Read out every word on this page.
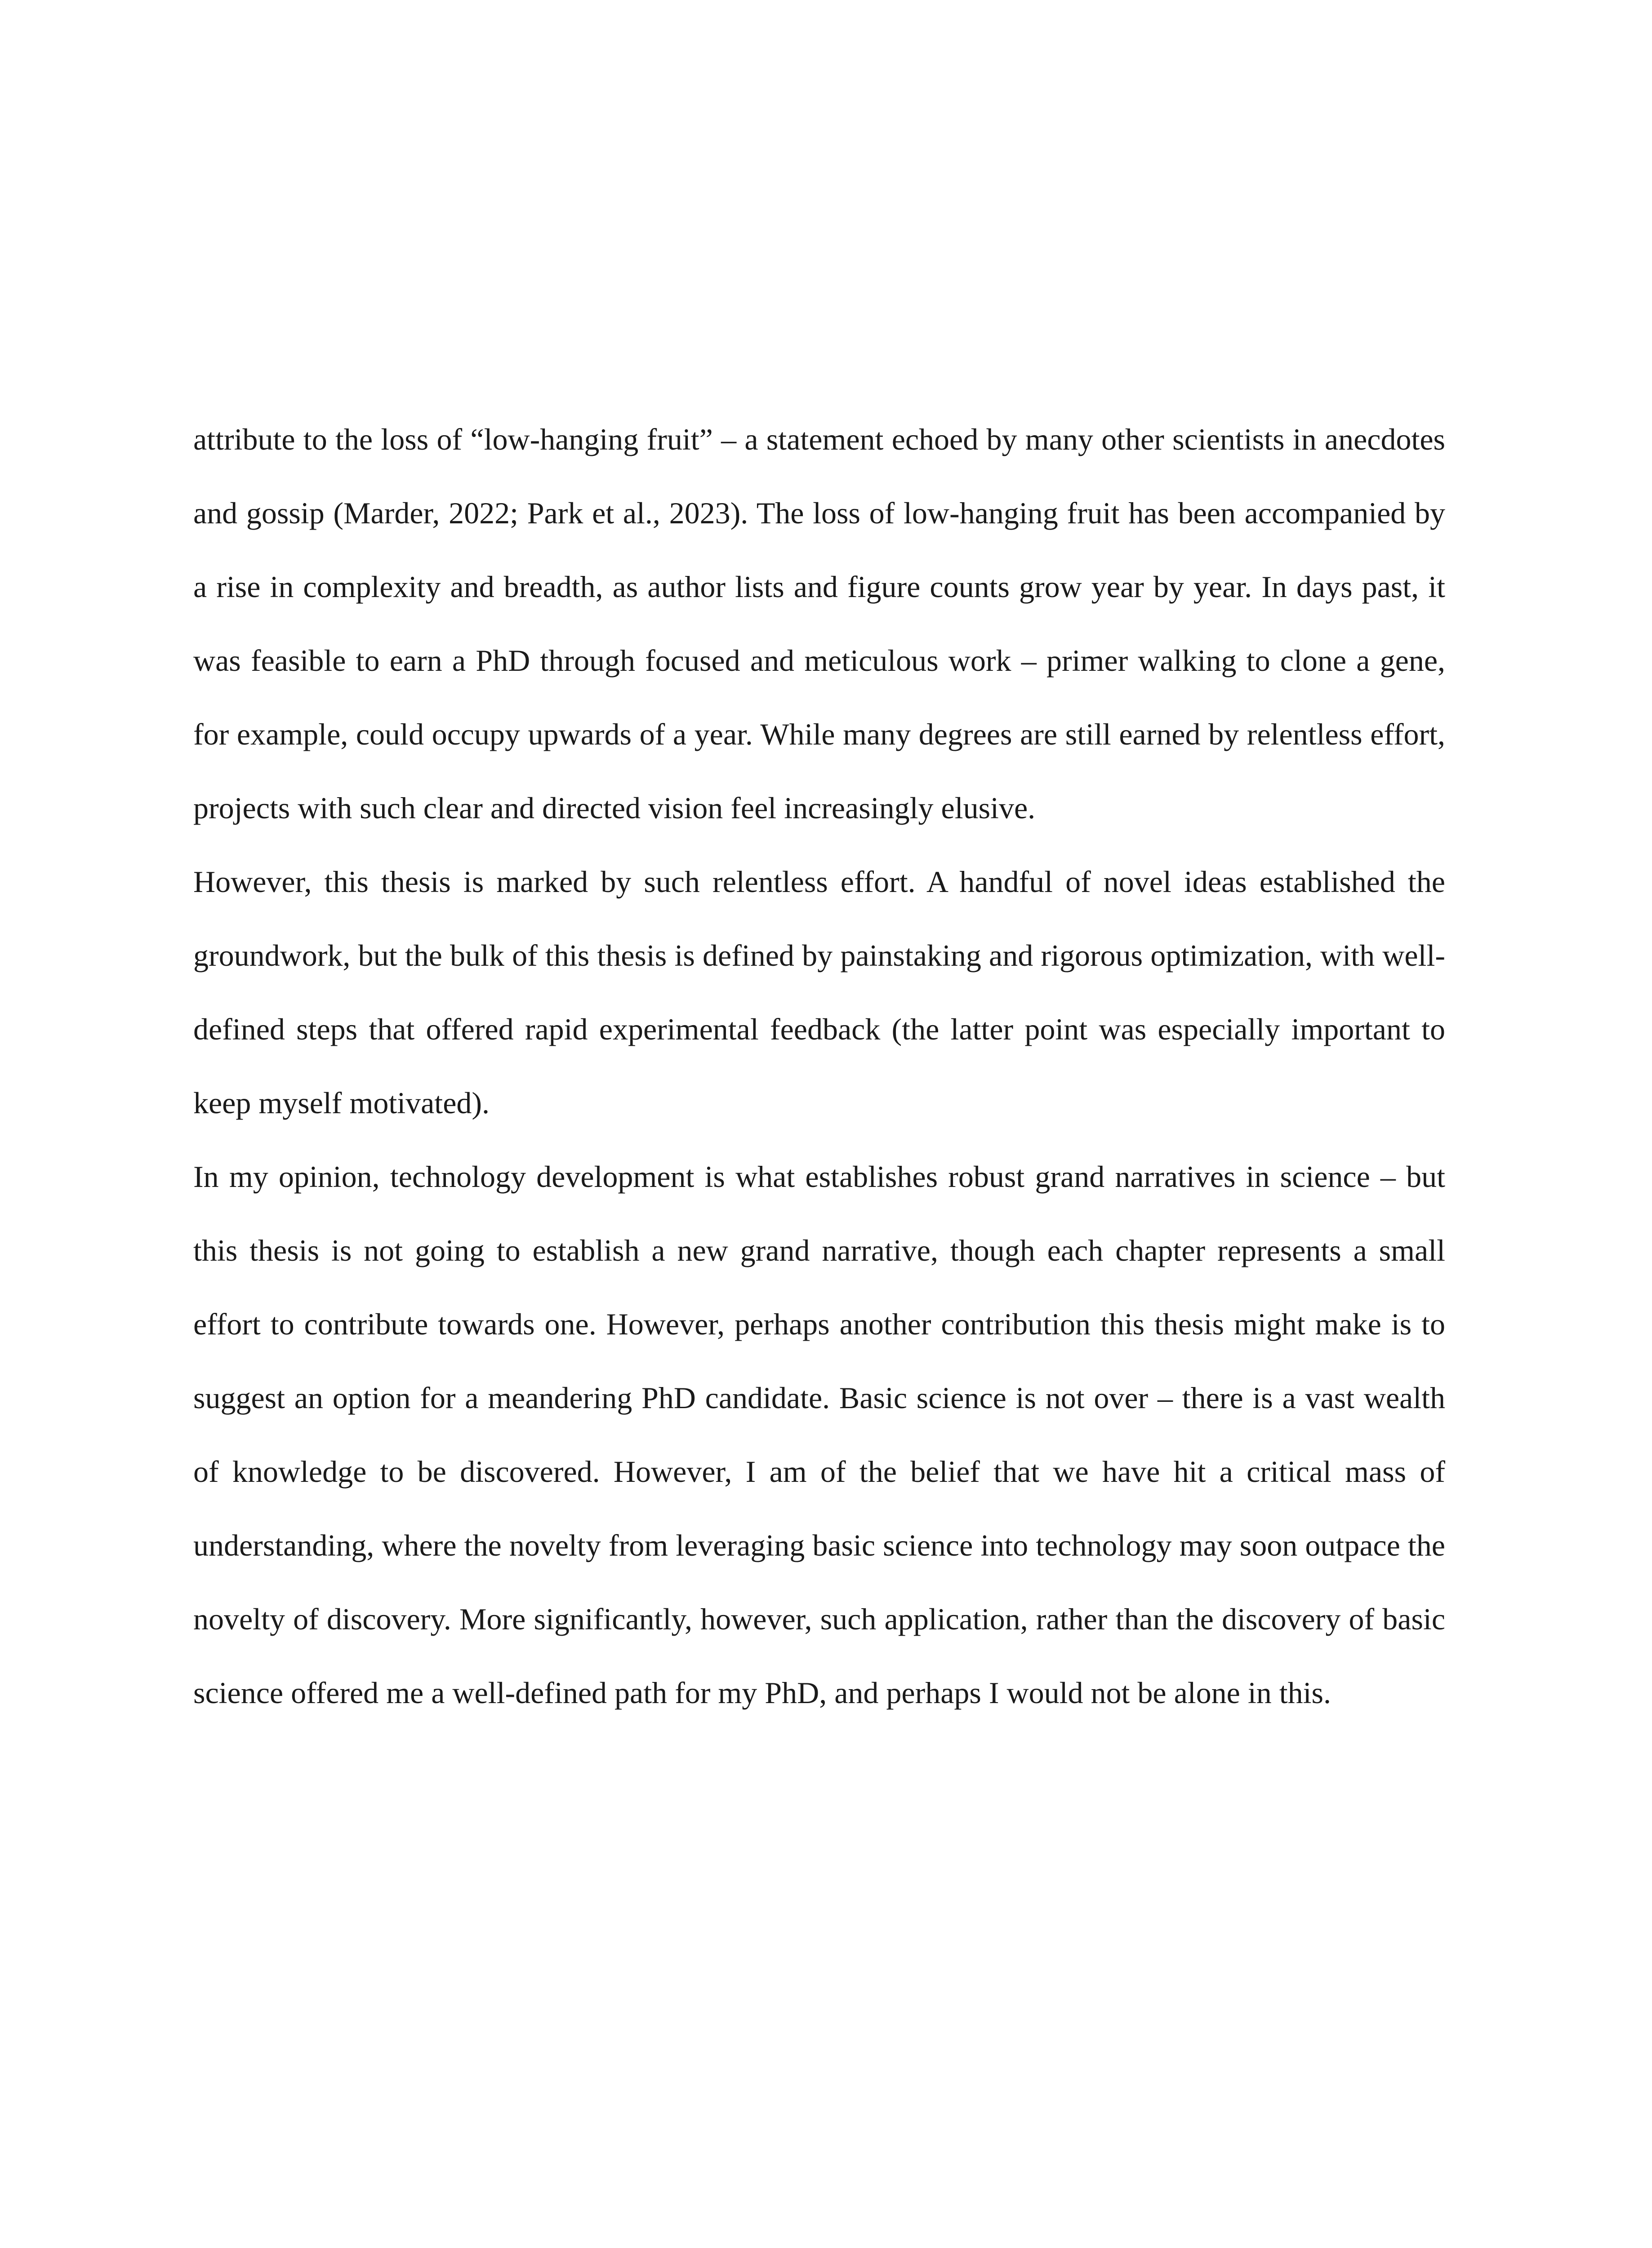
attribute to the loss of “low-hanging fruit” – a statement echoed by many other scientists in anecdotes and gossip (Marder, 2022; Park et al., 2023). The loss of low-hanging fruit has been accompanied by a rise in complexity and breadth, as author lists and figure counts grow year by year. In days past, it was feasible to earn a PhD through focused and meticulous work – primer walking to clone a gene, for example, could occupy upwards of a year. While many degrees are still earned by relentless effort, projects with such clear and directed vision feel increasingly elusive.

However, this thesis is marked by such relentless effort. A handful of novel ideas established the groundwork, but the bulk of this thesis is defined by painstaking and rigorous optimization, with well-defined steps that offered rapid experimental feedback (the latter point was especially important to keep myself motivated).

In my opinion, technology development is what establishes robust grand narratives in science – but this thesis is not going to establish a new grand narrative, though each chapter represents a small effort to contribute towards one. However, perhaps another contribution this thesis might make is to suggest an option for a meandering PhD candidate. Basic science is not over – there is a vast wealth of knowledge to be discovered. However, I am of the belief that we have hit a critical mass of understanding, where the novelty from leveraging basic science into technology may soon outpace the novelty of discovery. More significantly, however, such application, rather than the discovery of basic science offered me a well-defined path for my PhD, and perhaps I would not be alone in this.
